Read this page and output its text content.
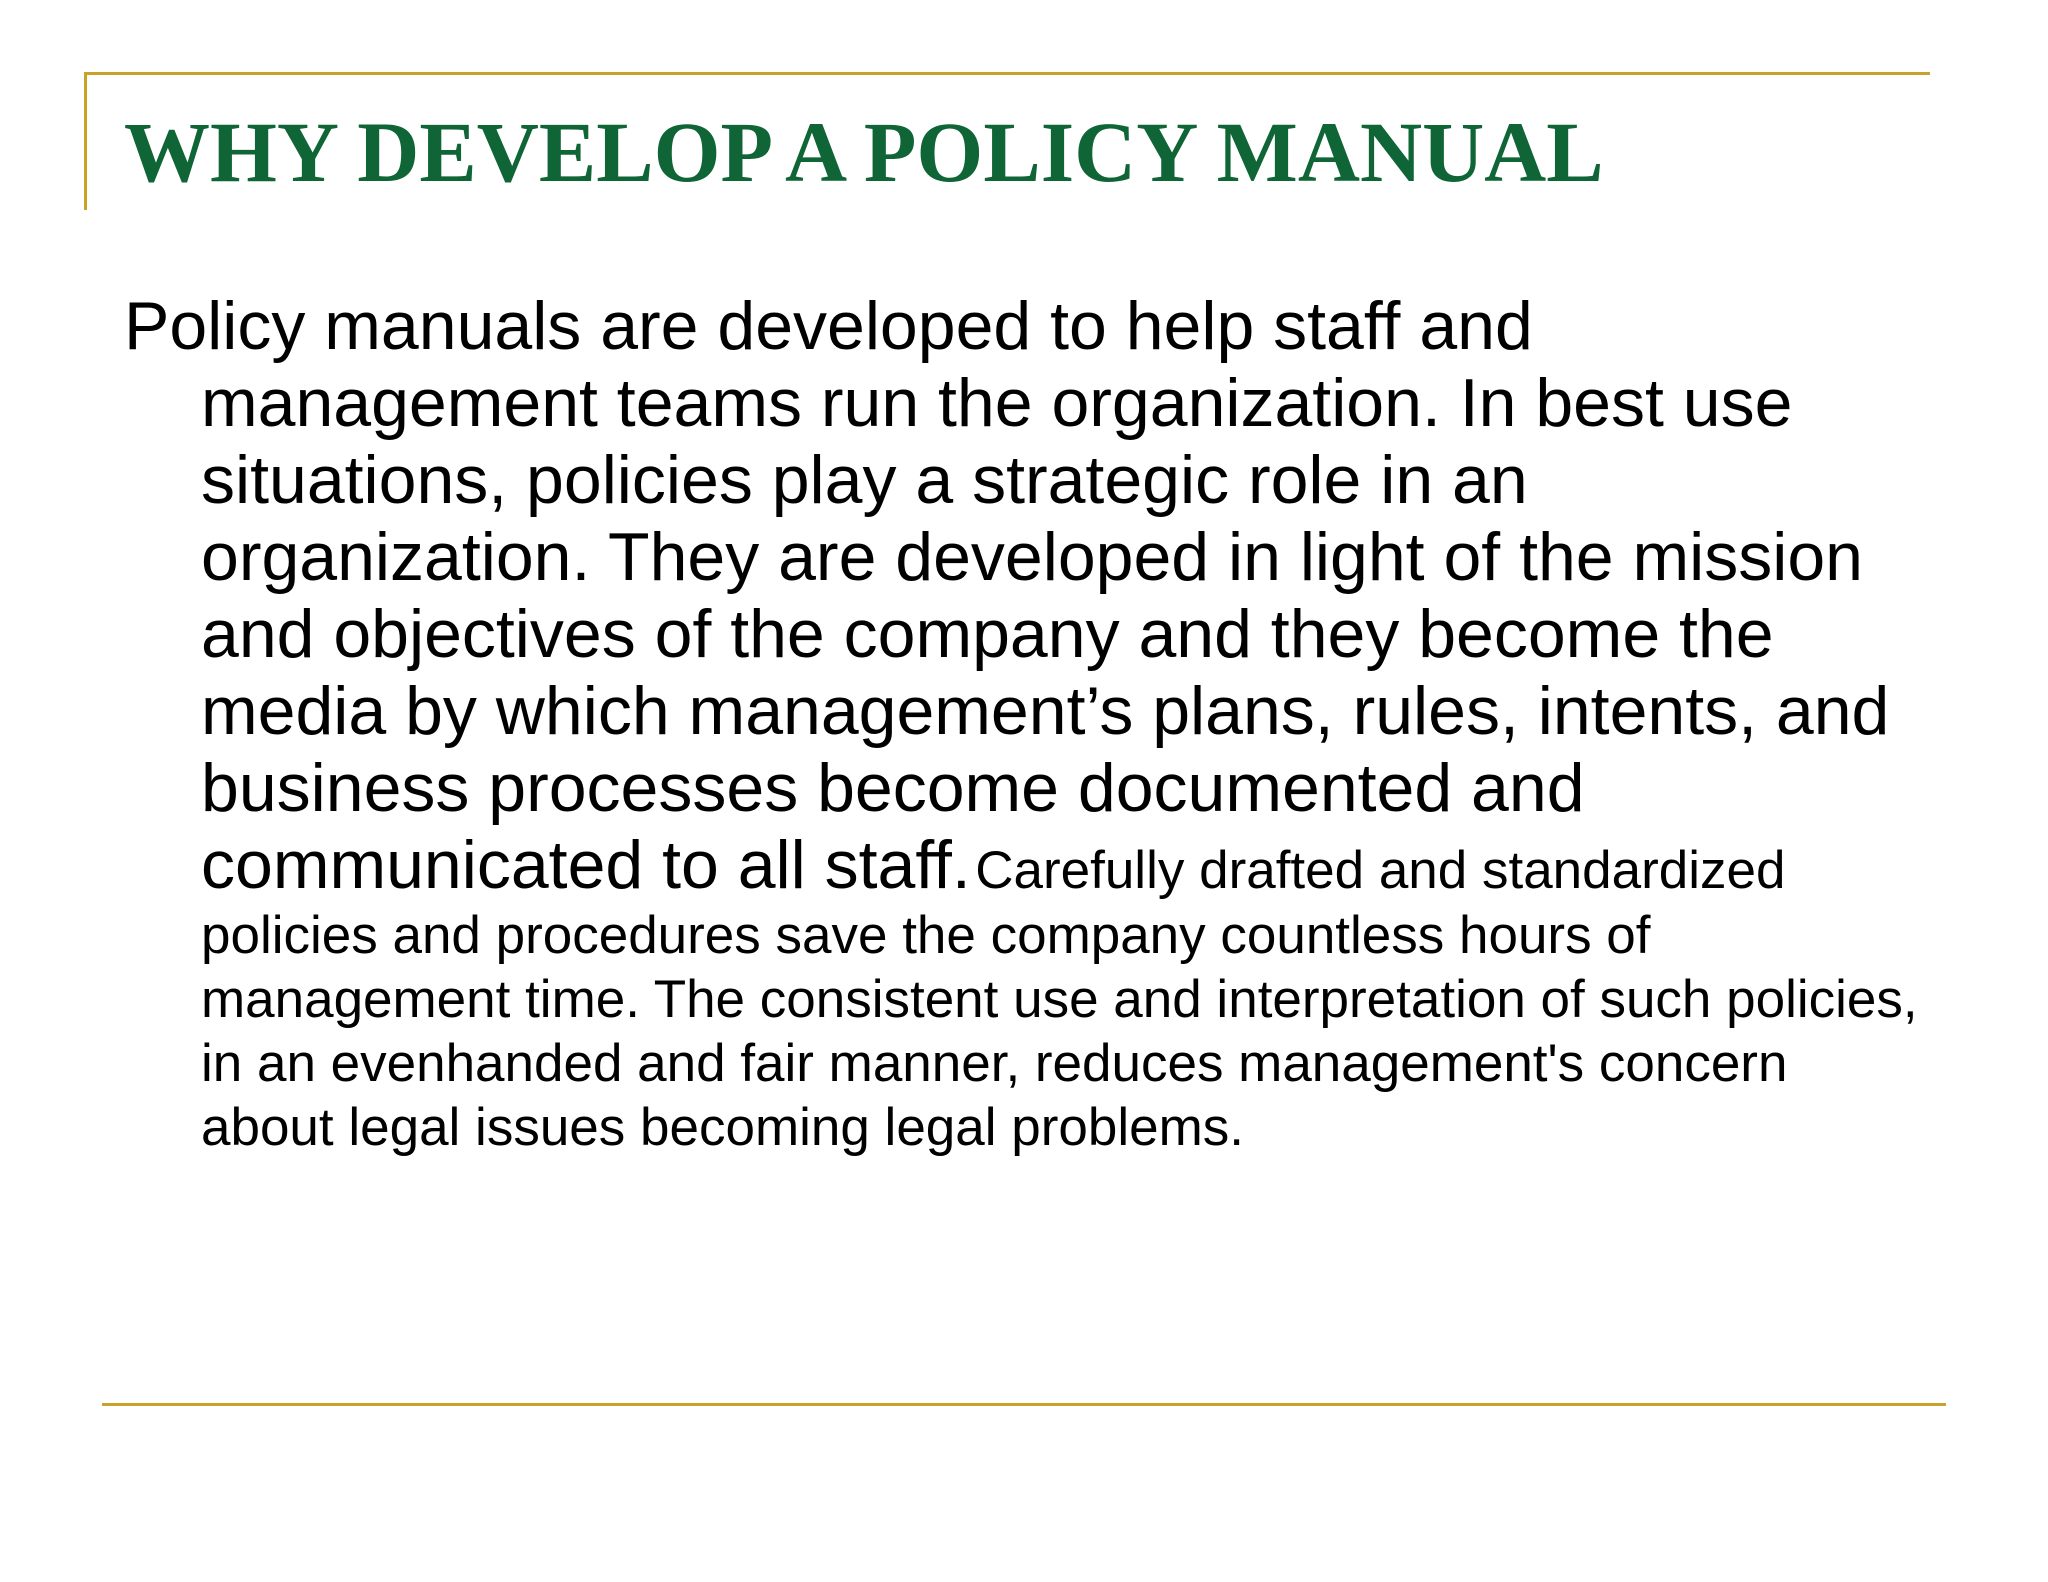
WHY DEVELOP A POLICY MANUAL

Policy manuals are developed to help staff and management teams run the organization. In best use situations, policies play a strategic role in an organization. They are developed in light of the mission and objectives of the company and they become the media by which management’s plans, rules, intents, and business processes become documented and communicated to all staff. Carefully drafted and standardized policies and procedures save the company countless hours of management time. The consistent use and interpretation of such policies, in an evenhanded and fair manner, reduces management's concern about legal issues becoming legal problems.
